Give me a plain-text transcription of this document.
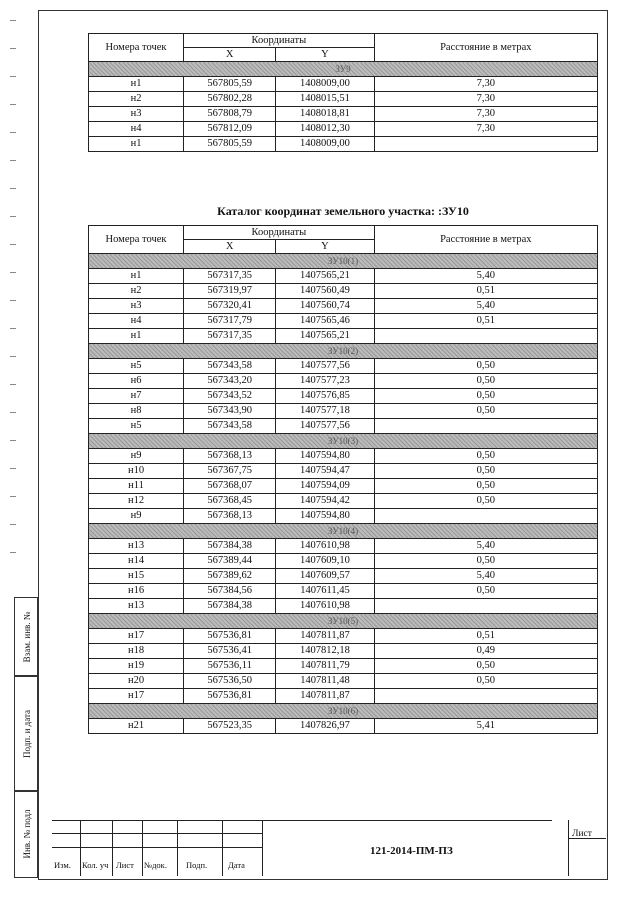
Взам. инв. №
Подп. и дата
Инв. № подл
Номера точек	Координаты		Расстояние в метрах
	X	Y	
ЗУ9			
н1	567805,59	1408009,00	7,30
н2	567802,28	1408015,51	7,30
н3	567808,79	1408018,81	7,30
н4	567812,09	1408012,30	7,30
н1	567805,59	1408009,00	
Каталог координат земельного участка: :ЗУ10
Номера точек	Координаты		Расстояние в метрах
	X	Y	
ЗУ10(1)			
н1	567317,35	1407565,21	5,40
н2	567319,97	1407560,49	0,51
н3	567320,41	1407560,74	5,40
н4	567317,79	1407565,46	0,51
н1	567317,35	1407565,21	
ЗУ10(2)			
н5	567343,58	1407577,56	0,50
н6	567343,20	1407577,23	0,50
н7	567343,52	1407576,85	0,50
н8	567343,90	1407577,18	0,50
н5	567343,58	1407577,56	
ЗУ10(3)			
н9	567368,13	1407594,80	0,50
н10	567367,75	1407594,47	0,50
н11	567368,07	1407594,09	0,50
н12	567368,45	1407594,42	0,50
н9	567368,13	1407594,80	
ЗУ10(4)			
н13	567384,38	1407610,98	5,40
н14	567389,44	1407609,10	0,50
н15	567389,62	1407609,57	5,40
н16	567384,56	1407611,45	0,50
н13	567384,38	1407610,98	
ЗУ10(5)			
н17	567536,81	1407811,87	0,51
н18	567536,41	1407812,18	0,49
н19	567536,11	1407811,79	0,50
н20	567536,50	1407811,48	0,50
н17	567536,81	1407811,87	
ЗУ10(6)			
н21	567523,35	1407826,97	5,41
Изм. Кол. уч Лист №док. Подп. Дата
121-2014-ПМ-ПЗ
Лист
